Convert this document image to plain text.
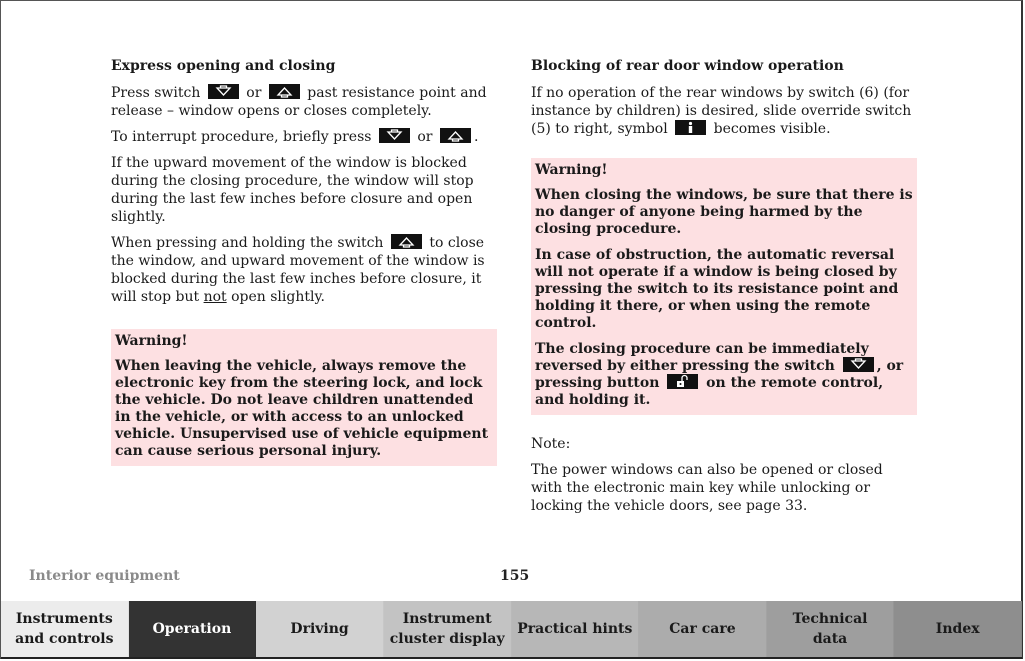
Express opening and closing

Press switch	or	past resistance point and release – window opens or closes completely.

To interrupt procedure, briefly press	or	.

If the upward movement of the window is blocked during the closing procedure, the window will stop during the last few inches before closure and open slightly.

When pressing and holding the switch	to close the window, and upward movement of the window is blocked during the last few inches before closure, it will stop but not open slightly.

Warning!

When leaving the vehicle, always remove the electronic key from the steering lock, and lock the vehicle. Do not leave children unattended in the vehicle, or with access to an unlocked vehicle. Unsupervised use of vehicle equipment can cause serious personal injury.

Blocking of rear door window operation

If no operation of the rear windows by switch (6) (for instance by children) is desired, slide override switch (5) to right, symbol	becomes visible.

Warning!

When closing the windows, be sure that there is no danger of anyone being harmed by the closing procedure.

In case of obstruction, the automatic reversal will not operate if a window is being closed by pressing the switch to its resistance point and holding it there, or when using the remote control.

The closing procedure can be immediately reversed by either pressing the switch	, or pressing button	on the remote control, and holding it.

Note:

The power windows can also be opened or closed with the electronic main key while unlocking or locking the vehicle doors, see page 33.

Interior equipment	155
Instruments
and controls
Operation	Driving
Instrument
cluster display
Practical hints	Car care
Technical
data
Index
